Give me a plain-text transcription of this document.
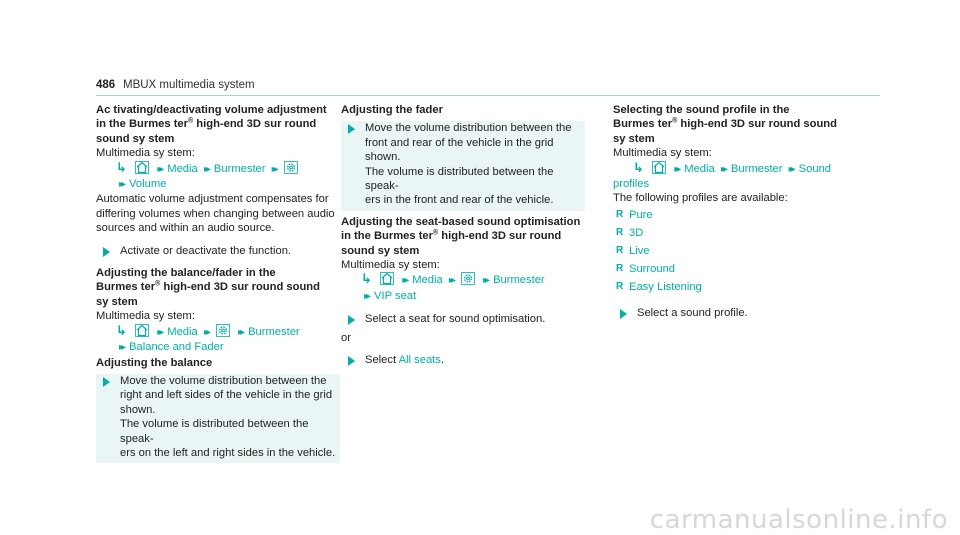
486 MBUX multimedia system

Ac tivating/deactivating volume adjustment
in the Burmes ter® high-end 3D sur round
sound sy stem

Multimedia sy stem:

↳	▸▸ Media ▸▸ Burmester ▸▸

▸▸ Volume

Automatic volume adjustment compensates for
differing volumes when changing between audio
sources and within an audio source.

Activate or deactivate the function.

Adjusting the balance/fader in the
Burmes ter® high-end 3D sur round sound
sy stem

Multimedia sy stem:

↳	▸▸ Media ▸▸	▸▸ Burmester

▸▸ Balance and Fader

Adjusting the balance

Move the volume distribution between the
right and left sides of the vehicle in the grid
shown.
The volume is distributed between the speak-
ers on the left and right sides in the vehicle.

Adjusting the fader

Move the volume distribution between the
front and rear of the vehicle in the grid
shown.
The volume is distributed between the speak-
ers in the front and rear of the vehicle.

Adjusting the seat-based sound optimisation
in the Burmes ter® high-end 3D sur round
sound sy stem

Multimedia sy stem:

↳	▸▸ Media ▸▸	▸▸ Burmester

▸▸ VIP seat

Select a seat for sound optimisation.

or

Select All seats.

Selecting the sound profile in the
Burmes ter® high-end 3D sur round sound
sy stem

Multimedia sy stem:

↳	▸▸ Media ▸▸ Burmester ▸▸ Sound

profiles

The following profiles are available:

R Pure
R 3D
R Live
R Surround
R Easy Listening
Select a sound profile.
carmanualsonline.info
